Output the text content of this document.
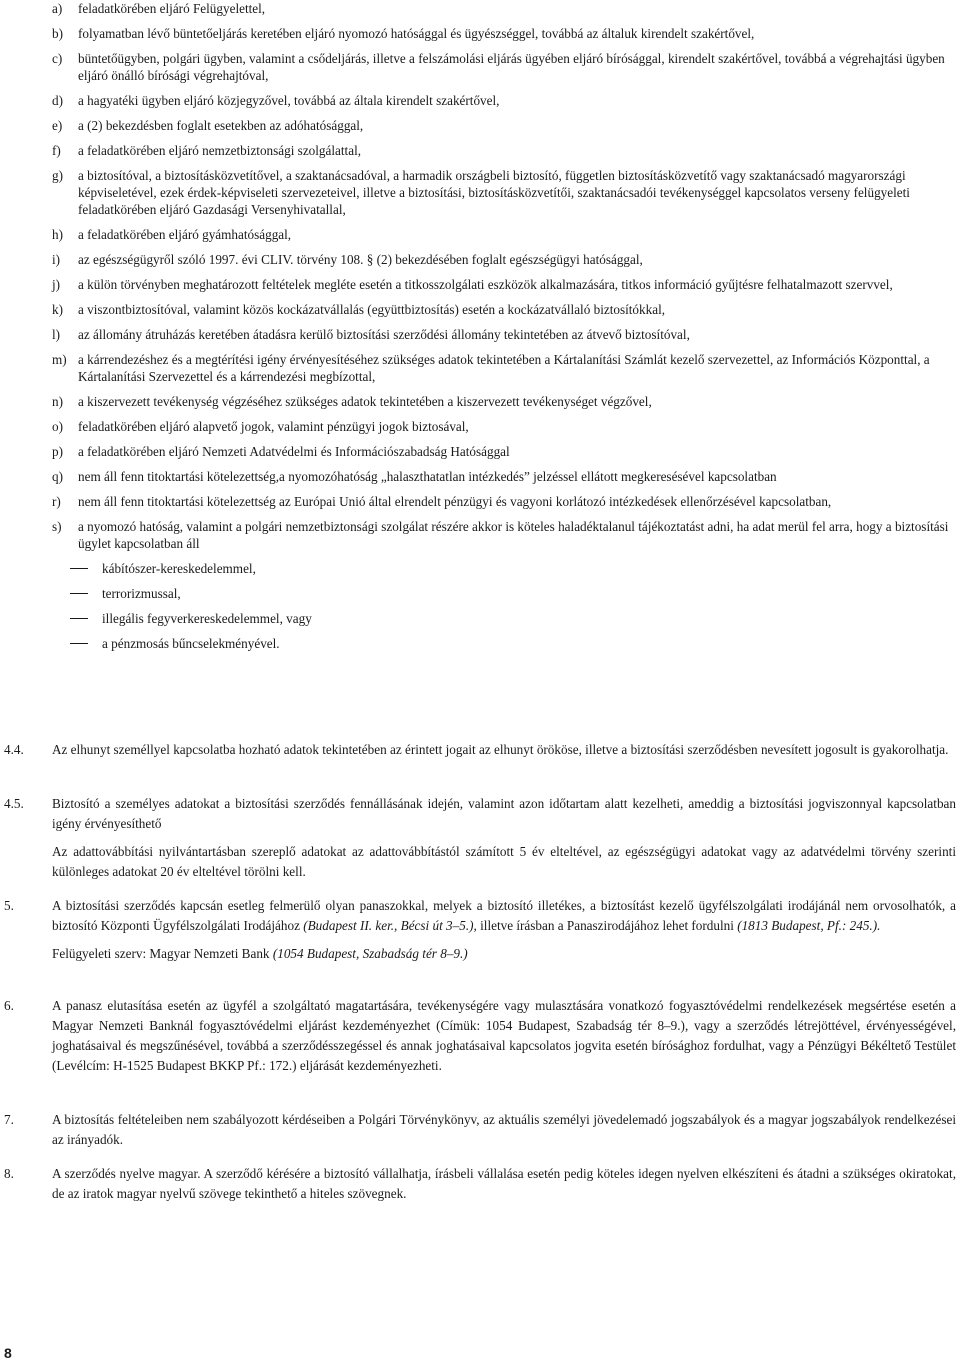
a) feladatkörében eljáró Felügyelettel,
b) folyamatban lévő büntetőeljárás keretében eljáró nyomozó hatósággal és ügyészséggel, továbbá az általuk kirendelt szakértővel,
c) büntetőügyben, polgári ügyben, valamint a csődeljárás, illetve a felszámolási eljárás ügyében eljáró bírósággal, kirendelt szakértővel, továbbá a végrehajtási ügyben eljáró önálló bírósági végrehajtóval,
d) a hagyatéki ügyben eljáró közjegyzővel, továbbá az általa kirendelt szakértővel,
e) a (2) bekezdésben foglalt esetekben az adóhatósággal,
f) a feladatkörében eljáró nemzetbiztonsági szolgálattal,
g) a biztosítóval, a biztosításközvetítővel, a szaktanácsadóval, a harmadik országbeli biztosító, független biztosításközvetítő vagy szaktanácsadó magyarországi képviseletével, ezek érdek-képviseleti szervezeteivel, illetve a biztosítási, biztosításközvetítői, szaktanácsadói tevékenységgel kapcsolatos verseny felügyeleti feladatkörében eljáró Gazdasági Versenyhivatallal,
h) a feladatkörében eljáró gyámhatósággal,
i) az egészségügyről szóló 1997. évi CLIV. törvény 108. § (2) bekezdésében foglalt egészségügyi hatósággal,
j) a külön törvényben meghatározott feltételek megléte esetén a titkosszolgálati eszközök alkalmazására, titkos információ gyűjtésre felhatalmazott szervvel,
k) a viszontbiztosítóval, valamint közös kockázatvállalás (együttbiztosítás) esetén a kockázatvállaló biztosítókkal,
l) az állomány átruházás keretében átadásra kerülő biztosítási szerződési állomány tekintetében az átvevő biztosítóval,
m) a kárrendezéshez és a megtérítési igény érvényesítéséhez szükséges adatok tekintetében a Kártalanítási Számlát kezelő szervezettel, az Információs Központtal, a Kártalanítási Szervezettel és a kárrendezési megbízottal,
n) a kiszervezett tevékenység végzéséhez szükséges adatok tekintetében a kiszervezett tevékenységet végzővel,
o) feladatkörében eljáró alapvető jogok, valamint pénzügyi jogok biztosával,
p) a feladatkörében eljáró Nemzeti Adatvédelmi és Információszabadság Hatósággal
q) nem áll fenn titoktartási kötelezettség,a nyomozóhatóság „halaszthatatlan intézkedés” jelzéssel ellátott megkeresésével kapcsolatban
r) nem áll fenn titoktartási kötelezettség az Európai Unió által elrendelt pénzügyi és vagyoni korlátozó intézkedések ellenőrzésével kapcsolatban,
s) a nyomozó hatóság, valamint a polgári nemzetbiztonsági szolgálat részére akkor is köteles haladéktalanul tájékoztatást adni, ha adat merül fel arra, hogy a biztosítási ügylet kapcsolatban áll
kábítószer-kereskedelemmel,
terrorizmussal,
illegális fegyverkereskedelemmel, vagy
a pénzmosás bűncselekményével.
4.4. Az elhunyt személlyel kapcsolatba hozható adatok tekintetében az érintett jogait az elhunyt örököse, illetve a biztosítási szerződésben nevesített jogosult is gyakorolhatja.

4.5. Biztosító a személyes adatokat a biztosítási szerződés fennállásának idején, valamint azon időtartam alatt kezelheti, ameddig a biztosítási jogviszonnyal kapcsolatban igény érvényesíthető

Az adattovábbítási nyilvántartásban szereplő adatokat az adattovábbítástól számított 5 év elteltével, az egészségügyi adatokat vagy az adatvédelmi törvény szerinti különleges adatokat 20 év elteltével törölni kell.

5.	A biztosítási szerződés kapcsán esetleg felmerülő olyan panaszokkal, melyek a biztosító illetékes, a biztosítást kezelő ügyfélszolgálati irodájánál nem orvosolhatók, a biztosító Központi Ügyfélszolgálati Irodájához (Budapest II. ker., Bécsi út 3–5.), illetve írásban a Panaszirodájához lehet fordulni (1813 Budapest, Pf.: 245.).

Felügyeleti szerv: Magyar Nemzeti Bank (1054 Budapest, Szabadság tér 8–9.)

6.	A panasz elutasítása esetén az ügyfél a szolgáltató magatartására, tevékenységére vagy mulasztására vonatkozó fogyasztóvédelmi rendelkezések megsértése esetén a Magyar Nemzeti Banknál fogyasztóvédelmi eljárást kezdeményezhet (Címük: 1054 Budapest, Szabadság tér 8–9.), vagy a szerződés létrejöttével, érvényességével, joghatásaival és megszűnésével, továbbá a szerződésszegéssel és annak joghatásaival kapcsolatos jogvita esetén bírósághoz fordulhat, vagy a Pénzügyi Békéltető Testület (Levélcím: H-1525 Budapest BKKP Pf.: 172.) eljárását kezdeményezheti.

7.	A biztosítás feltételeiben nem szabályozott kérdéseiben a Polgári Törvénykönyv, az aktuális személyi jövedelemadó jogszabályok és a magyar jogszabályok rendelkezései az irányadók.

8.	A szerződés nyelve magyar. A szerződő kérésére a biztosító vállalhatja, írásbeli vállalása esetén pedig köteles idegen nyelven elkészíteni és átadni a szükséges okiratokat, de az iratok magyar nyelvű szövege tekinthető a hiteles szövegnek.

8
